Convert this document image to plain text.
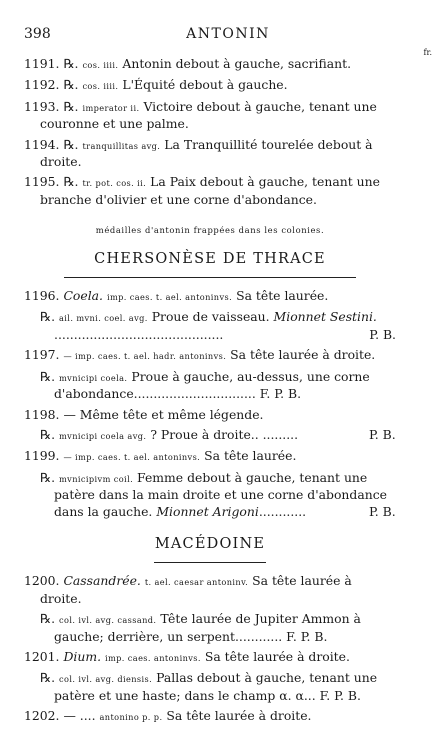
398	ANTONIN
fr.
1191. ℞. cos. iiii. Antonin debout à gauche, sacrifiant.
1192. ℞. cos. iiii. L'Équité debout à gauche.
1193. ℞. imperator ii. Victoire debout à gauche, tenant une couronne et une palme.
1194. ℞. tranquillitas avg. La Tranquillité tourelée debout à droite.
1195. ℞. tr. pot. cos. ii. La Paix debout à gauche, tenant une branche d'olivier et une corne d'abondance.
médailles d'antonin frappées dans les colonies.
CHERSONÈSE DE THRACE
1196. Coela. imp. caes. t. ael. antoninvs. Sa tête laurée.
℞. ail. mvni. coel. avg. Proue de vaisseau. Mionnet Sestini.
...........................................	P. B.
1197. — imp. caes. t. ael. hadr. antoninvs. Sa tête laurée à droite.
℞. mvnicipi coela. Proue à gauche, au-dessus, une corne d'abondance............................... F. P. B.
1198. — Même tête et même légende.
℞. mvnicipi coela avg. ? Proue à droite.. .........	P. B.
1199. — imp. caes. t. ael. antoninvs. Sa tête laurée.
℞. mvnicipivm coil. Femme debout à gauche, tenant une patère dans la main droite et une corne d'abondance dans la gauche. Mionnet Arigoni............	P. B.
MACÉDOINE
1200. Cassandrée. t. ael. caesar antoninv. Sa tête laurée à droite.
℞. col. ivl. avg. cassand. Tête laurée de Jupiter Ammon à gauche; derrière, un serpent............ F. P. B.
1201. Dium. imp. caes. antoninvs. Sa tête laurée à droite.
℞. col. ivl. avg. diensis. Pallas debout à gauche, tenant une patère et une haste; dans le champ α. α... F. P. B.
1202. — .... antonino p. p. Sa tête laurée à droite.
